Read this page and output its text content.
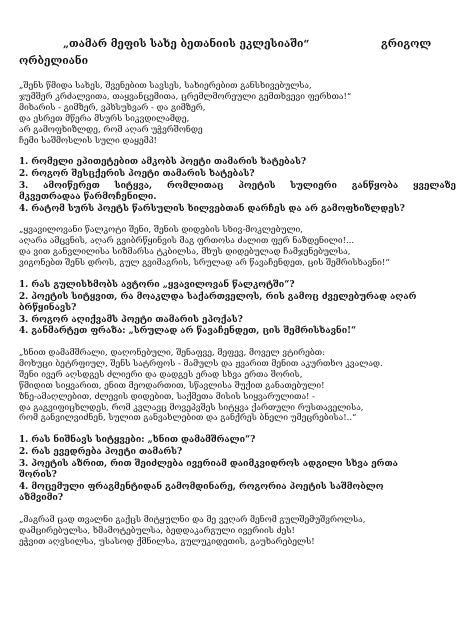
„თამარ მეფის სახე ბეთანიის ეკლესიაში“	გრიგოლ
ორბელიანი
„შენს წმიდა სახეს, შვენებით სავსეს, სახიერებით განსხივებულსა,
ჯუმშერ კრძალვითა, თაყვანცემითა, ცრემლმორეული გემთხვევი ფერხთა!“
მიხარის - გიმზერ, ვპხსუხვარ - და გიმზერ,
და ესრეთ მწერა მსურს სიკვდილამდე,
არ გამოფხიზლდე, რომ აღარ უჭვრშონდე
ჩემი საშმოსლის სული დაყემპ!
1. რომელი ეპითეტებით ამკობს პოეტი თამარის ხატებას?
2. როგორ შესცქერის პოეტი თამარის ხატებას?
3. ამოიწერეთ სიტყვა, რომლითაც პოეტის სულიერი განწყობა ყველაზე
მკვეთრადაა წარმოჩენილი.
4. რატომ სურს პოეტს წარსულის ხილვებთან დარჩეს და არ გამოფხიზლდეს?
„ყვავილოვანი წალკოტი შენი, შენის დიდების სხივ-მოკლებული,
აღარა ამცვნის, აღარ გვიბრწყინვის მაგ ფრთოსა ძალით ფერ ნაზდენილი!...
და ვით განვლილისა სიზმარსა ტკბილსა, მხუს დიდებულად ჩამჯენებულსა,
ვიგონებთ შენს დროს, გულ გვიმაგრის, სრულად არ წავაჩენდეთ, ცის შემრისხავნი!“
1. რას გულისხმობს ავტორი „ყვავილოვან წალკოტში“?
2. პოეტის სიტყვით, რა მოაკლდა საქართველოს, რის გამოც ძველებურად აღარ
ბრწყინავს?
3. როგორ აღიქვამს პოეტი თამარის ეპოქას?
4. განმარტეთ ფრაზა: „სრულად არ წავაჩენდეთ, ცის შემრისხავნი!“
„ხნით დამამშრალი, დაღონებული, შენაფვე, მეფევ, მოველ ვტირებთ:
მოხუცი ბეტრფიულ, შენს სატრფოს - მამულს და ჟვარით მენით აკურთხო კვალად.
შენი ივერ აღსდგეს ძლიერი და დადგეს ერად სხვა ერთა შორის,
წმიდით სიყვარით, ენით მეოდართით, სწავლისა შუქით განათებული!
ზნე-ამაღლებით, ძლევის დიდებით, საქმეთა მისის სიყვარულითა! -
და გაგვიფიცხლდეს, რომ კვლავც მოვეპვშეს სიტყვა ქართული რუსთაველისა,
რომ განვილვიძნენ, სულით განვახლებით და განქრეს ბნელი უმეცრებისა!..“
1. რას ნიშნავს სიტყვები: „ხნით დამამშრალი“?
2. რას ევედრება პოეტი თამარს?
3. პოეტის აზრით, რით შეიძლება ივერიამ დაიმკვიდროს ადგილი სხვა ერთა
შორის?
4. მოცემული ფრაგმენტიდან გამომდინარე, როგორია პოეტის საშმობლო
აზმვიმი?
„მაგრამ ცად თვალნი გაქცს მიტყულნი და მე ვეღარ მენომ გულშემუშვროლსა,
დამცირებულსა, ხმამოტებულსა, ბედდაკარგული ივერიის ძეს!
ეჭვით აღვსილსა, უსასოდ ქმნილსა, გულუკიდეთის, გაუხარებელს!
